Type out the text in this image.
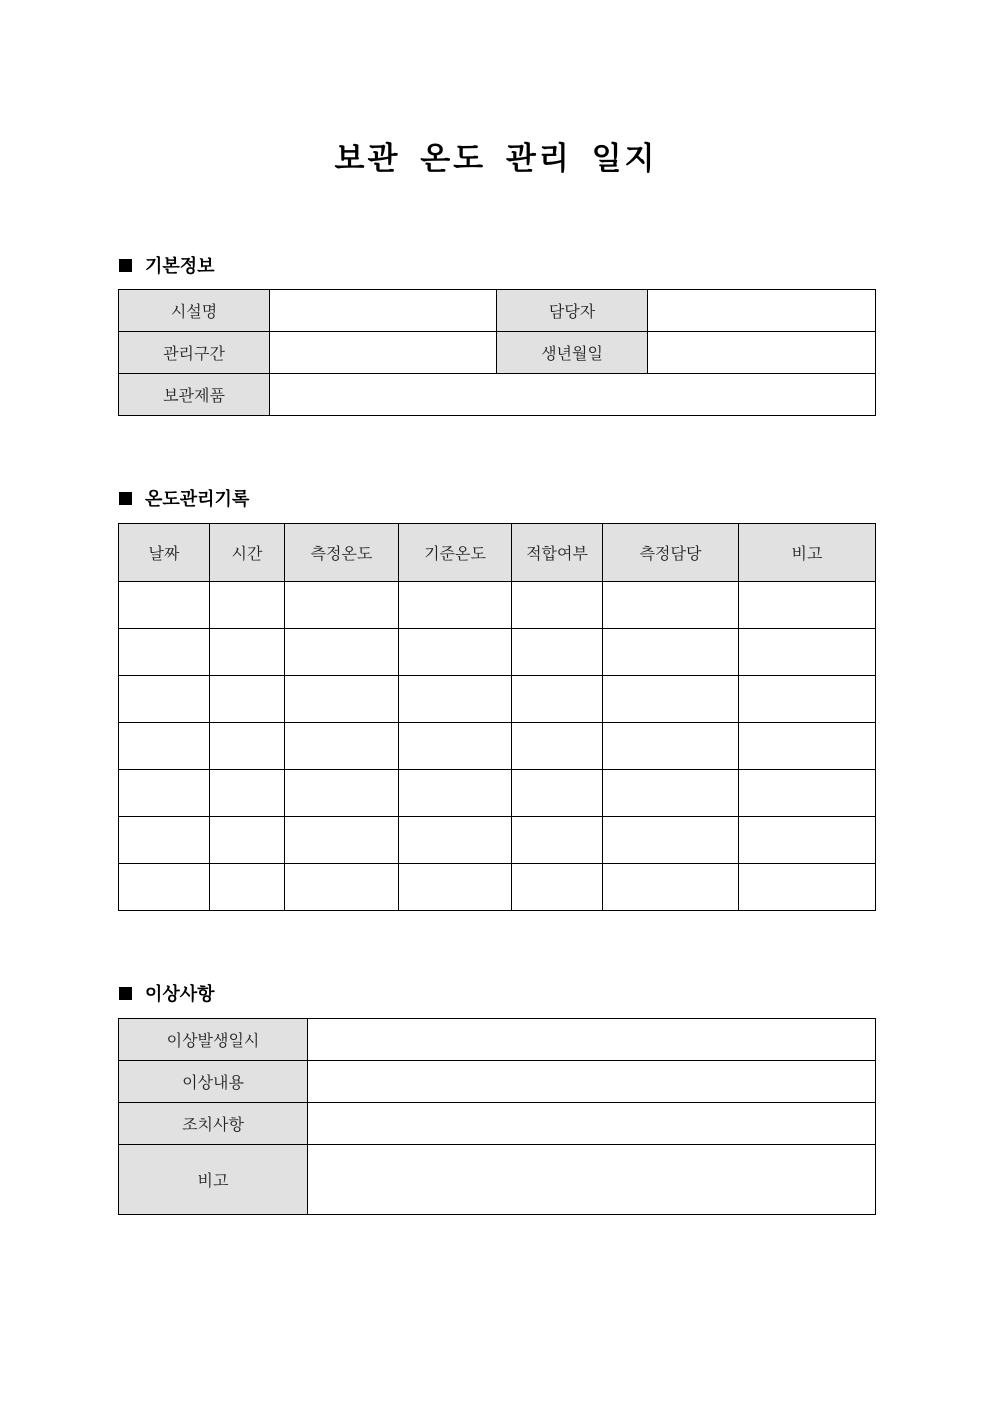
보관 온도 관리 일지
기본정보
시설명		담당자	
관리구간		생년월일	
보관제품			
온도관리기록
날짜	시간	측정온도	기준온도	적합여부	측정담당	비고

이상사항
이상발생일시	
이상내용	
조치사항	
비고	
